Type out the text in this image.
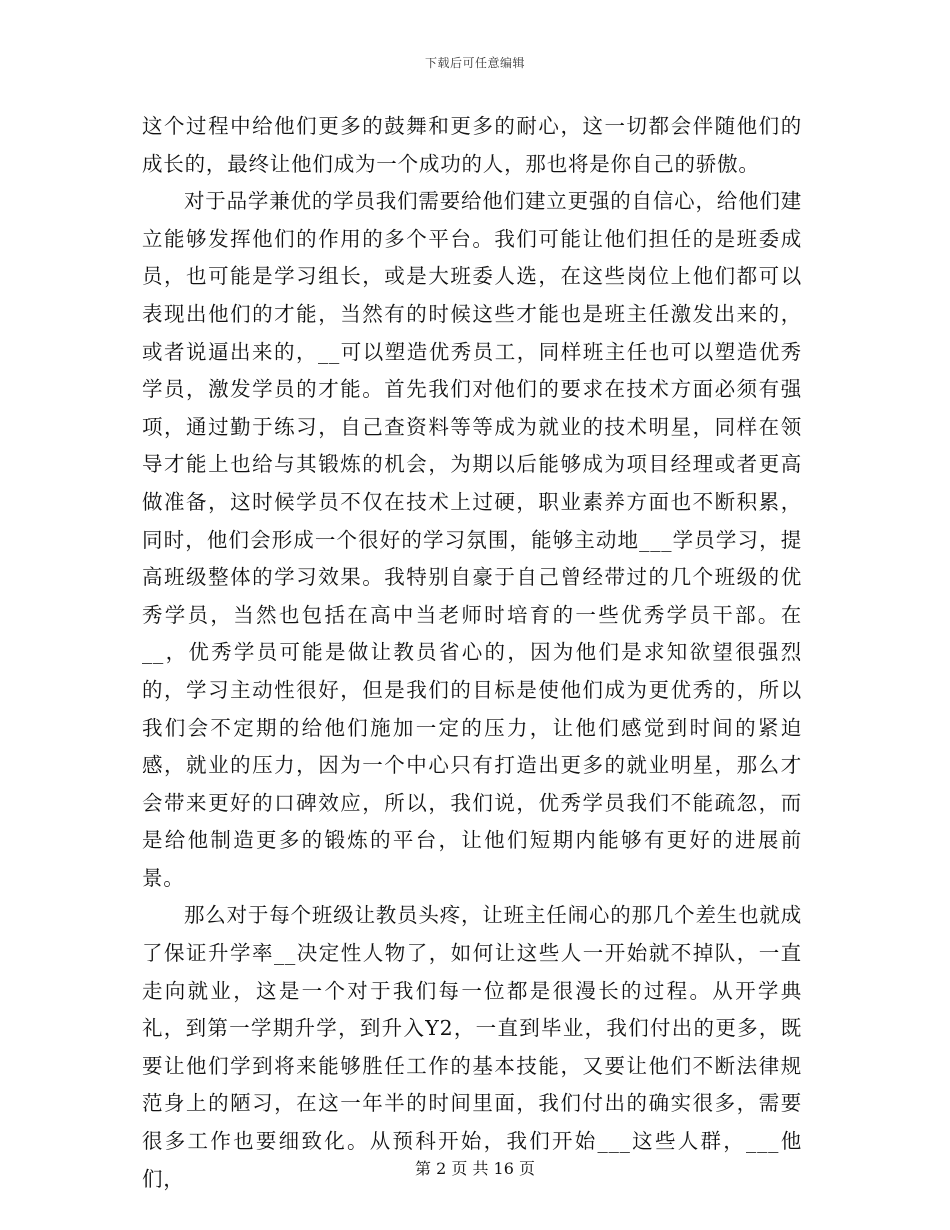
下载后可任意编辑

这个过程中给他们更多的鼓舞和更多的耐心，这一切都会伴随他们的成长的，最终让他们成为一个成功的人，那也将是你自己的骄傲。

对于品学兼优的学员我们需要给他们建立更强的自信心，给他们建立能够发挥他们的作用的多个平台。我们可能让他们担任的是班委成员，也可能是学习组长，或是大班委人选，在这些岗位上他们都可以表现出他们的才能，当然有的时候这些才能也是班主任激发出来的，或者说逼出来的，__可以塑造优秀员工，同样班主任也可以塑造优秀学员，激发学员的才能。首先我们对他们的要求在技术方面必须有强项，通过勤于练习，自己查资料等等成为就业的技术明星，同样在领导才能上也给与其锻炼的机会，为期以后能够成为项目经理或者更高做准备，这时候学员不仅在技术上过硬，职业素养方面也不断积累，同时，他们会形成一个很好的学习氛围，能够主动地___学员学习，提高班级整体的学习效果。我特别自豪于自己曾经带过的几个班级的优秀学员，当然也包括在高中当老师时培育的一些优秀学员干部。在__，优秀学员可能是做让教员省心的，因为他们是求知欲望很强烈的，学习主动性很好，但是我们的目标是使他们成为更优秀的，所以我们会不定期的给他们施加一定的压力，让他们感觉到时间的紧迫感，就业的压力，因为一个中心只有打造出更多的就业明星，那么才会带来更好的口碑效应，所以，我们说，优秀学员我们不能疏忽，而是给他制造更多的锻炼的平台，让他们短期内能够有更好的进展前景。

那么对于每个班级让教员头疼，让班主任闹心的那几个差生也就成了保证升学率__决定性人物了，如何让这些人一开始就不掉队，一直走向就业，这是一个对于我们每一位都是很漫长的过程。从开学典礼，到第一学期升学，到升入Y2，一直到毕业，我们付出的更多，既要让他们学到将来能够胜任工作的基本技能，又要让他们不断法律规范身上的陋习，在这一年半的时间里面，我们付出的确实很多，需要很多工作也要细致化。从预科开始，我们开始___这些人群，___他们，	第 2 页 共 16 页
